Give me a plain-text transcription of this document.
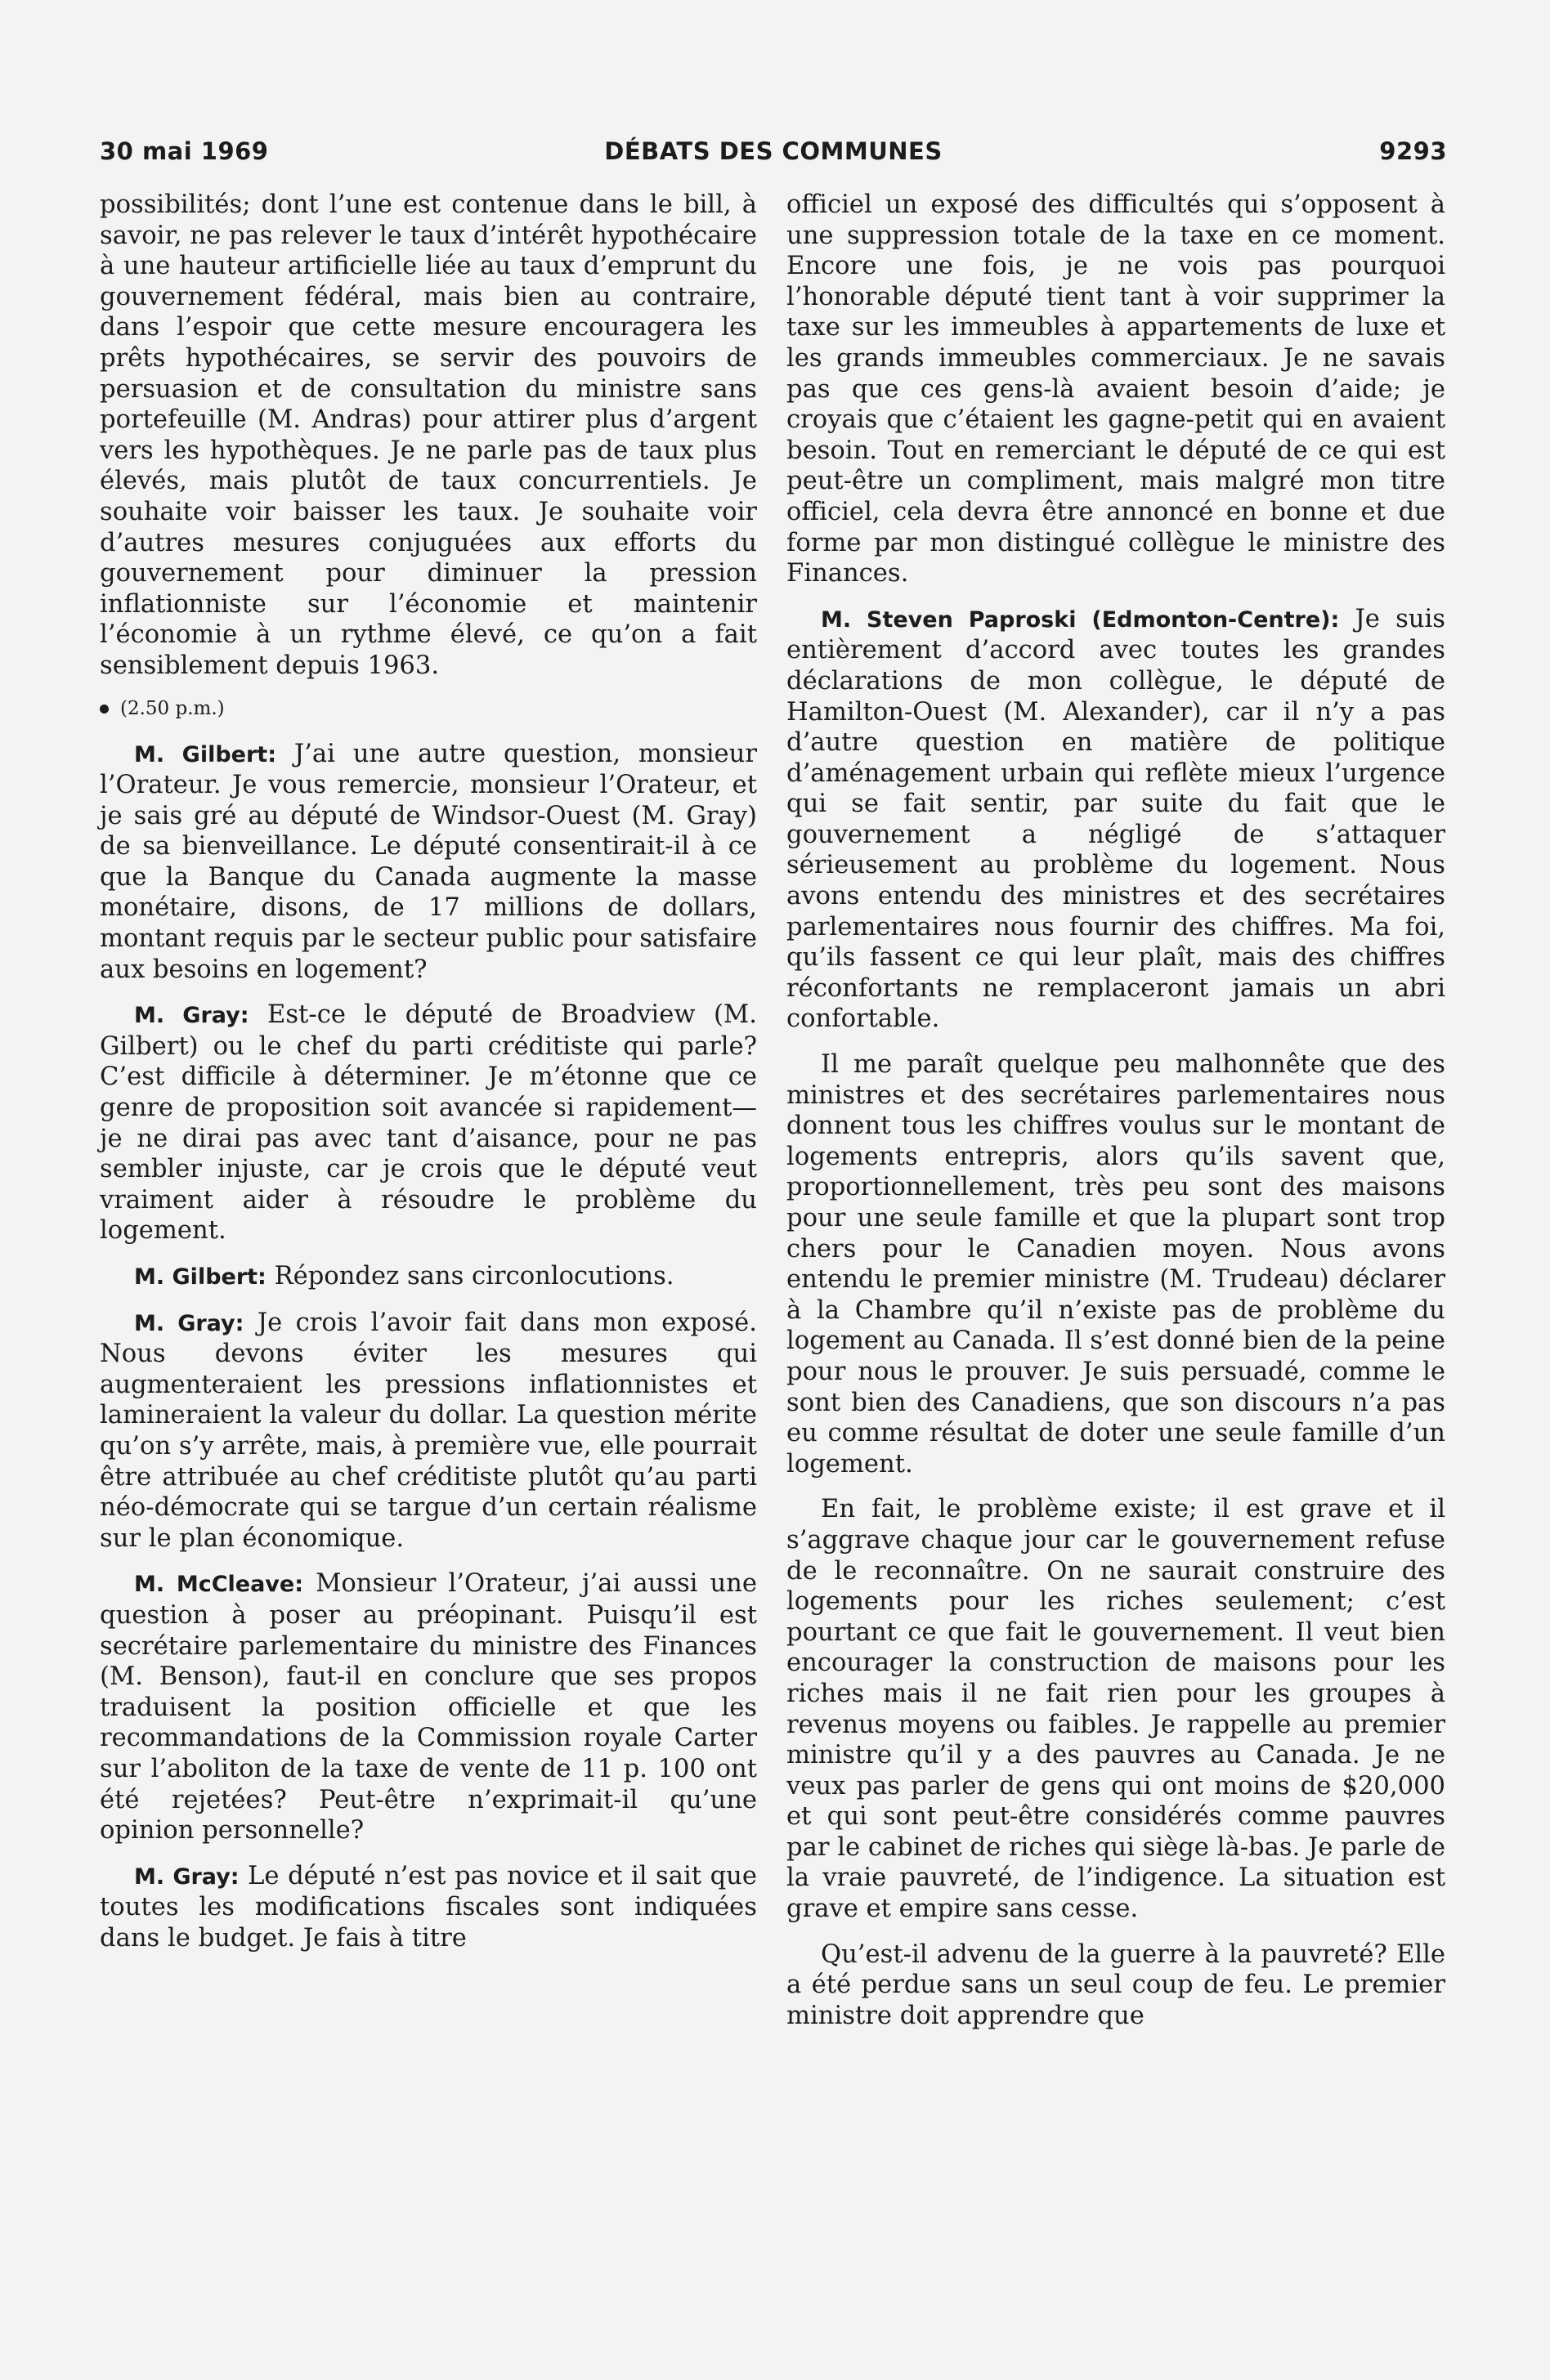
30 mai 1969	DÉBATS DES COMMUNES	9293

possibilités; dont l’une est contenue dans le bill, à savoir, ne pas relever le taux d’intérêt hypothécaire à une hauteur artificielle liée au taux d’emprunt du gouvernement fédéral, mais bien au contraire, dans l’espoir que cette mesure encouragera les prêts hypothécaires, se servir des pouvoirs de persuasion et de consultation du ministre sans portefeuille (M. Andras) pour attirer plus d’argent vers les hypothèques. Je ne parle pas de taux plus élevés, mais plutôt de taux concurrentiels. Je souhaite voir baisser les taux. Je souhaite voir d’autres mesures conjuguées aux efforts du gouvernement pour diminuer la pression inflationniste sur l’économie et maintenir l’économie à un rythme élevé, ce qu’on a fait sensiblement depuis 1963.

(2.50 p.m.)

M. Gilbert: J’ai une autre question, monsieur l’Orateur. Je vous remercie, monsieur l’Orateur, et je sais gré au député de Windsor-Ouest (M. Gray) de sa bienveillance. Le député consentirait-il à ce que la Banque du Canada augmente la masse monétaire, disons, de 17 millions de dollars, montant requis par le secteur public pour satisfaire aux besoins en logement?

M. Gray: Est-ce le député de Broadview (M. Gilbert) ou le chef du parti créditiste qui parle? C’est difficile à déterminer. Je m’étonne que ce genre de proposition soit avancée si rapidement— je ne dirai pas avec tant d’aisance, pour ne pas sembler injuste, car je crois que le député veut vraiment aider à résoudre le problème du logement.

M. Gilbert: Répondez sans circonlocutions.

M. Gray: Je crois l’avoir fait dans mon exposé. Nous devons éviter les mesures qui augmenteraient les pressions inflationnistes et lamineraient la valeur du dollar. La question mérite qu’on s’y arrête, mais, à première vue, elle pourrait être attribuée au chef créditiste plutôt qu’au parti néo-démocrate qui se targue d’un certain réalisme sur le plan économique.

M. McCleave: Monsieur l’Orateur, j’ai aussi une question à poser au préopinant. Puisqu’il est secrétaire parlementaire du ministre des Finances (M. Benson), faut-il en conclure que ses propos traduisent la position officielle et que les recommandations de la Commission royale Carter sur l’aboliton de la taxe de vente de 11 p. 100 ont été rejetées? Peut-être n’exprimait-il qu’une opinion personnelle?

M. Gray: Le député n’est pas novice et il sait que toutes les modifications fiscales sont indiquées dans le budget. Je fais à titre

officiel un exposé des difficultés qui s’opposent à une suppression totale de la taxe en ce moment. Encore une fois, je ne vois pas pourquoi l’honorable député tient tant à voir supprimer la taxe sur les immeubles à appartements de luxe et les grands immeubles commerciaux. Je ne savais pas que ces gens-là avaient besoin d’aide; je croyais que c’étaient les gagne-petit qui en avaient besoin. Tout en remerciant le député de ce qui est peut-être un compliment, mais malgré mon titre officiel, cela devra être annoncé en bonne et due forme par mon distingué collègue le ministre des Finances.

M. Steven Paproski (Edmonton-Centre): Je suis entièrement d’accord avec toutes les grandes déclarations de mon collègue, le député de Hamilton-Ouest (M. Alexander), car il n’y a pas d’autre question en matière de politique d’aménagement urbain qui reflète mieux l’urgence qui se fait sentir, par suite du fait que le gouvernement a négligé de s’attaquer sérieusement au problème du logement. Nous avons entendu des ministres et des secrétaires parlementaires nous fournir des chiffres. Ma foi, qu’ils fassent ce qui leur plaît, mais des chiffres réconfortants ne remplaceront jamais un abri confortable.

Il me paraît quelque peu malhonnête que des ministres et des secrétaires parlementaires nous donnent tous les chiffres voulus sur le montant de logements entrepris, alors qu’ils savent que, proportionnellement, très peu sont des maisons pour une seule famille et que la plupart sont trop chers pour le Canadien moyen. Nous avons entendu le premier ministre (M. Trudeau) déclarer à la Chambre qu’il n’existe pas de problème du logement au Canada. Il s’est donné bien de la peine pour nous le prouver. Je suis persuadé, comme le sont bien des Canadiens, que son discours n’a pas eu comme résultat de doter une seule famille d’un logement.

En fait, le problème existe; il est grave et il s’aggrave chaque jour car le gouvernement refuse de le reconnaître. On ne saurait construire des logements pour les riches seulement; c’est pourtant ce que fait le gouvernement. Il veut bien encourager la construction de maisons pour les riches mais il ne fait rien pour les groupes à revenus moyens ou faibles. Je rappelle au premier ministre qu’il y a des pauvres au Canada. Je ne veux pas parler de gens qui ont moins de $20,000 et qui sont peut-être considérés comme pauvres par le cabinet de riches qui siège là-bas. Je parle de la vraie pauvreté, de l’indigence. La situation est grave et empire sans cesse.

Qu’est-il advenu de la guerre à la pauvreté? Elle a été perdue sans un seul coup de feu. Le premier ministre doit apprendre que
